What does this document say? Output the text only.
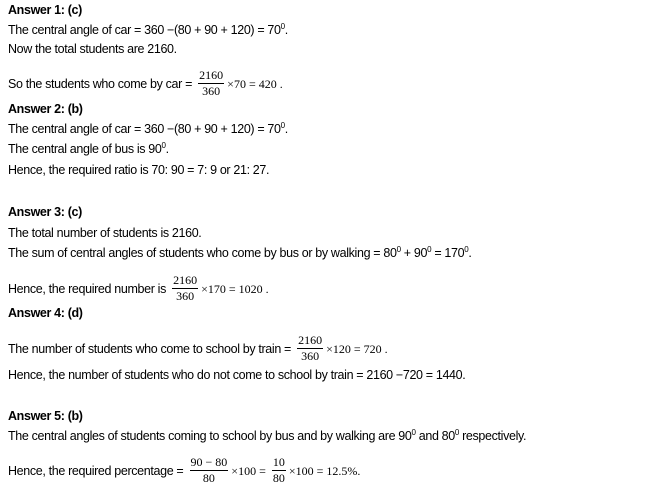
Answer 1: (c)
The central angle of car = $360 -(80 + 90 + 120) = 70^0$.
Now the total students are 2160.
So the students who come by car = $\frac{2160}{360} \times 70 = 420$ .
Answer 2: (b)
The central angle of car = $360 -(80 + 90 + 120) = 70^0$.
The central angle of bus is $90^0$.
Hence, the required ratio is 70: 90 = 7: 9 or 21: 27.
Answer 3: (c)
The total number of students is 2160.
The sum of central angles of students who come by bus or by walking = $80^0 + 90^0 = 170^0$.
Hence, the required number is $\frac{2160}{360} \times 170 = 1020$ .
Answer 4: (d)
The number of students who come to school by train = $\frac{2160}{360} \times 120 = 720$ .
Hence, the number of students who do not come to school by train = 2160 −720 = 1440.
Answer 5: (b)
The central angles of students coming to school by bus and by walking are $90^0$ and $80^0$ respectively.
Hence, the required percentage = $\frac{90 - 80}{80} \times 100 = \frac{10}{80} \times 100 = 12.5\%$.
